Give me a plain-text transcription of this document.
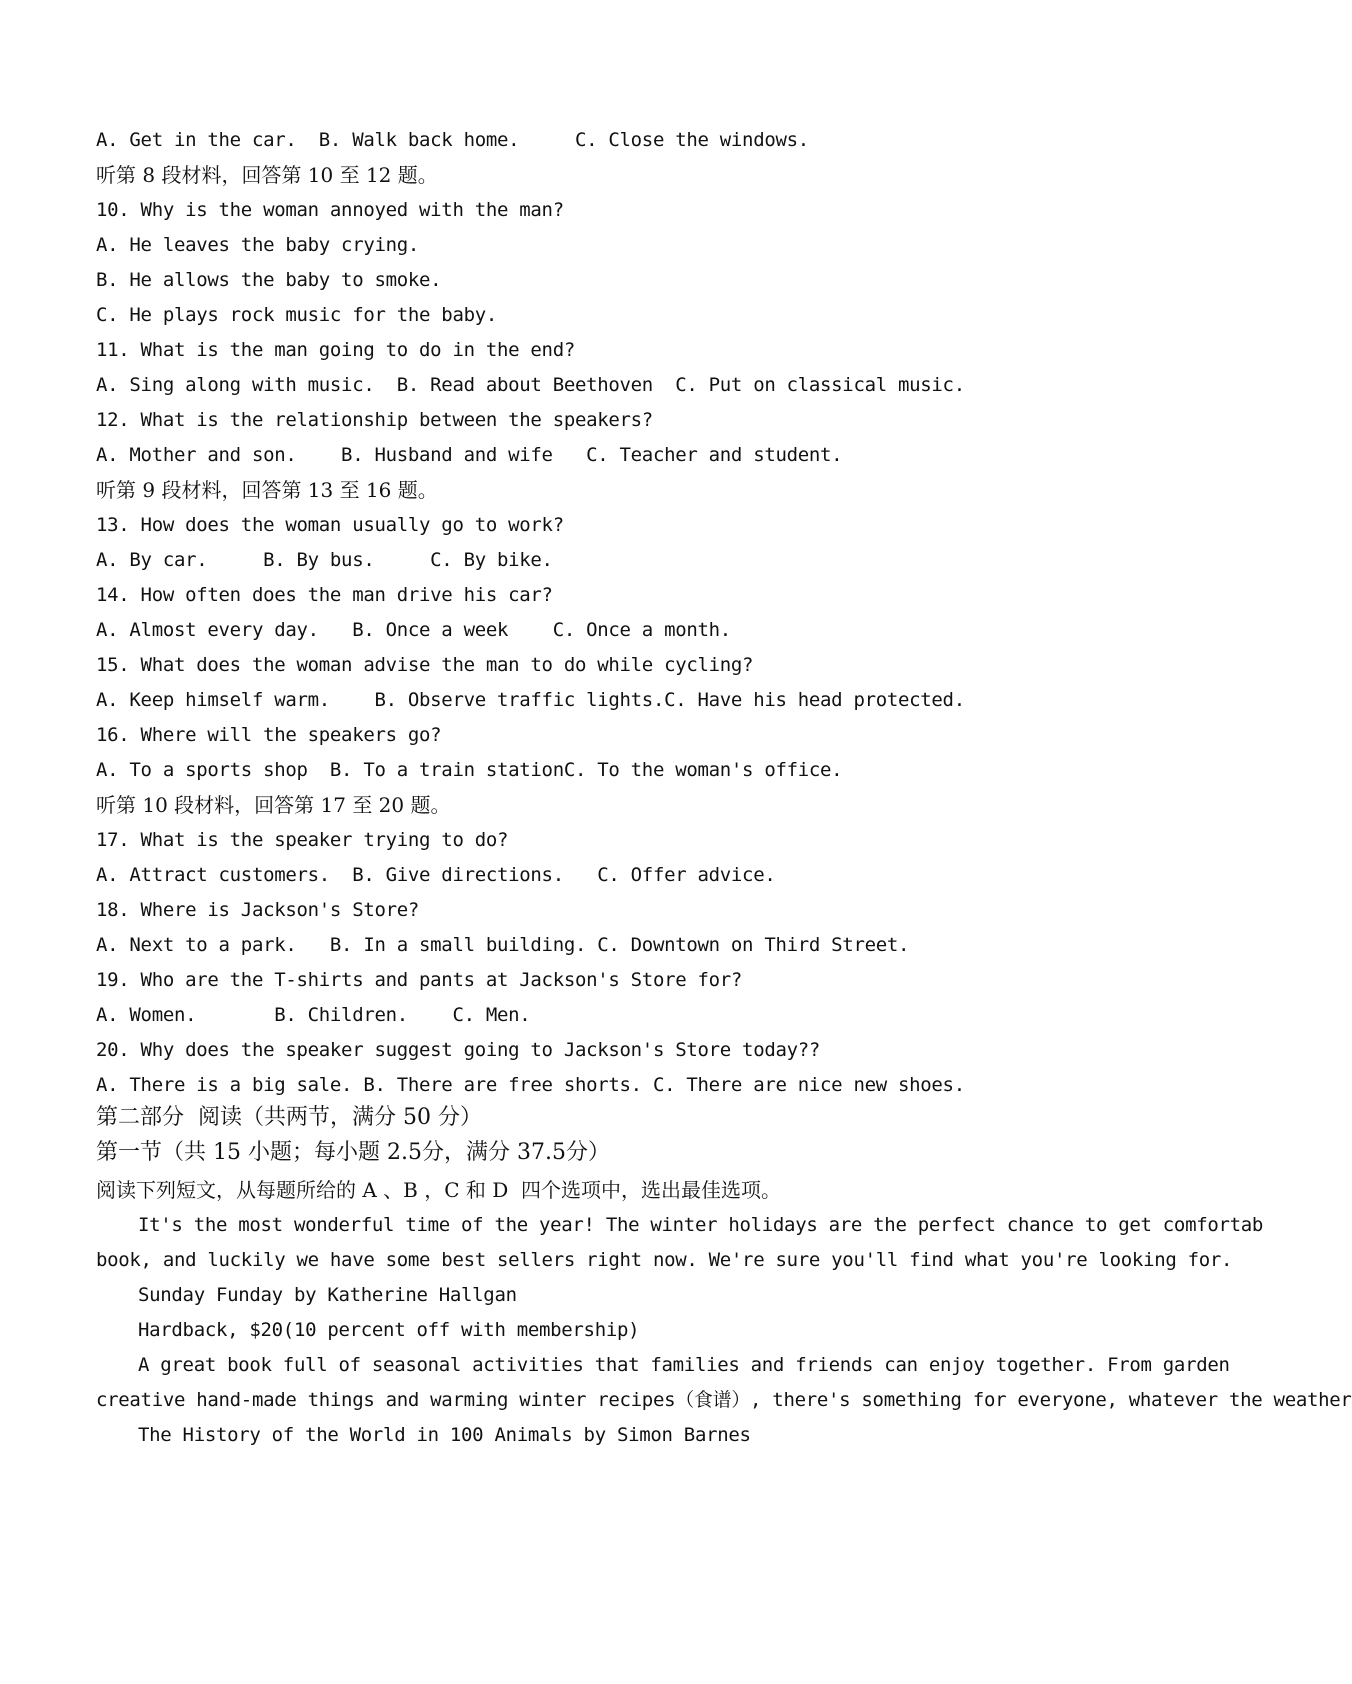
A. Get in the car.  B. Walk back home.     C. Close the windows.
听第 8 段材料，回答第 10 至 12 题。
10. Why is the woman annoyed with the man?
A. He leaves the baby crying.
B. He allows the baby to smoke.
C. He plays rock music for the baby.
11. What is the man going to do in the end?
A. Sing along with music.  B. Read about Beethoven  C. Put on classical music.
12. What is the relationship between the speakers?
A. Mother and son.    B. Husband and wife   C. Teacher and student.
听第 9 段材料，回答第 13 至 16 题。
13. How does the woman usually go to work?
A. By car.     B. By bus.     C. By bike.
14. How often does the man drive his car?
A. Almost every day.   B. Once a week    C. Once a month.
15. What does the woman advise the man to do while cycling?
A. Keep himself warm.    B. Observe traffic lights.C. Have his head protected.
16. Where will the speakers go?
A. To a sports shop  B. To a train stationC. To the woman's office.
听第 10 段材料，回答第 17 至 20 题。
17. What is the speaker trying to do?
A. Attract customers.  B. Give directions.   C. Offer advice.
18. Where is Jackson's Store?
A. Next to a park.   B. In a small building. C. Downtown on Third Street.
19. Who are the T-shirts and pants at Jackson's Store for?
A. Women.       B. Children.    C. Men.
20. Why does the speaker suggest going to Jackson's Store today??
A. There is a big sale. B. There are free shorts. C. There are nice new shoes.
第二部分  阅读（共两节，满分 50 分）
第一节（共 15 小题；每小题 2.5分，满分 37.5分）
阅读下列短文，从每题所给的 A 、B ，C 和 D  四个选项中，选出最佳选项。
It's the most wonderful time of the year! The winter holidays are the perfect chance to get comfortab
book, and luckily we have some best sellers right now. We're sure you'll find what you're looking for.
Sunday Funday by Katherine Hallgan
Hardback, $20(10 percent off with membership)
A great book full of seasonal activities that families and friends can enjoy together. From garden
creative hand-made things and warming winter recipes（食谱）, there's something for everyone, whatever the weather
The History of the World in 100 Animals by Simon Barnes
